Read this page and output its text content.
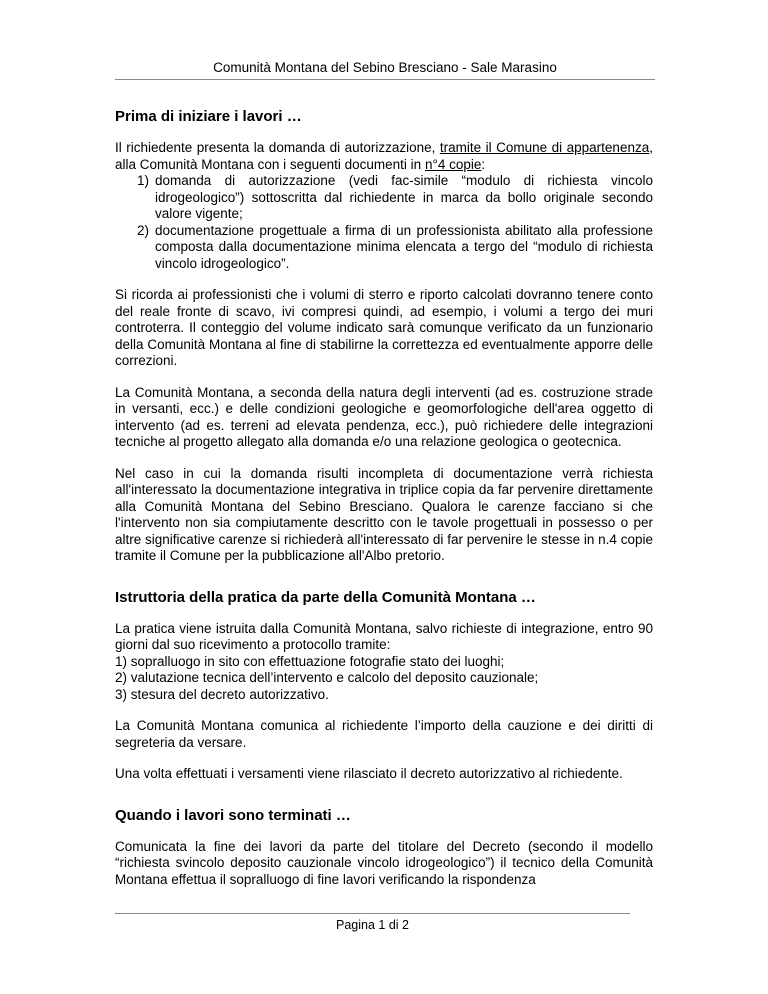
Comunità Montana del Sebino Bresciano - Sale Marasino
Prima di iniziare i lavori …

Il richiedente presenta la domanda di autorizzazione, tramite il Comune di appartenenza, alla Comunità Montana con i seguenti documenti in n°4 copie:

1) domanda di autorizzazione (vedi fac-simile “modulo di richiesta vincolo idrogeologico”) sottoscritta dal richiedente in marca da bollo originale secondo valore vigente;
2) documentazione progettuale a firma di un professionista abilitato alla professione composta dalla documentazione minima elencata a tergo del “modulo di richiesta vincolo idrogeologico”.

Si ricorda ai professionisti che i volumi di sterro e riporto calcolati dovranno tenere conto del reale fronte di scavo, ivi compresi quindi, ad esempio, i volumi a tergo dei muri controterra. Il conteggio del volume indicato sarà comunque verificato da un funzionario della Comunità Montana al fine di stabilirne la correttezza ed eventualmente apporre delle correzioni.

La Comunità Montana, a seconda della natura degli interventi (ad es. costruzione strade in versanti, ecc.) e delle condizioni geologiche e geomorfologiche dell'area oggetto di intervento (ad es. terreni ad elevata pendenza, ecc.), può richiedere delle integrazioni tecniche al progetto allegato alla domanda e/o una relazione geologica o geotecnica.

Nel caso in cui la domanda risulti incompleta di documentazione verrà richiesta all'interessato la documentazione integrativa in triplice copia da far pervenire direttamente alla Comunità Montana del Sebino Bresciano. Qualora le carenze facciano si che l'intervento non sia compiutamente descritto con le tavole progettuali in possesso o per altre significative carenze si richiederà all'interessato di far pervenire le stesse in n.4 copie tramite il Comune per la pubblicazione all'Albo pretorio.

Istruttoria della pratica da parte della Comunità Montana …

La pratica viene istruita dalla Comunità Montana, salvo richieste di integrazione, entro 90 giorni dal suo ricevimento a protocollo tramite:
1) sopralluogo in sito con effettuazione fotografie stato dei luoghi;
2) valutazione tecnica dell’intervento e calcolo del deposito cauzionale;
3) stesura del decreto autorizzativo.

La Comunità Montana comunica al richiedente l’importo della cauzione e dei diritti di segreteria da versare.

Una volta effettuati i versamenti viene rilasciato il decreto autorizzativo al richiedente.

Quando i lavori sono terminati …

Comunicata la fine dei lavori da parte del titolare del Decreto (secondo il modello “richiesta svincolo deposito cauzionale vincolo idrogeologico”) il tecnico della Comunità Montana effettua il sopralluogo di fine lavori verificando la rispondenza

Pagina 1 di 2
